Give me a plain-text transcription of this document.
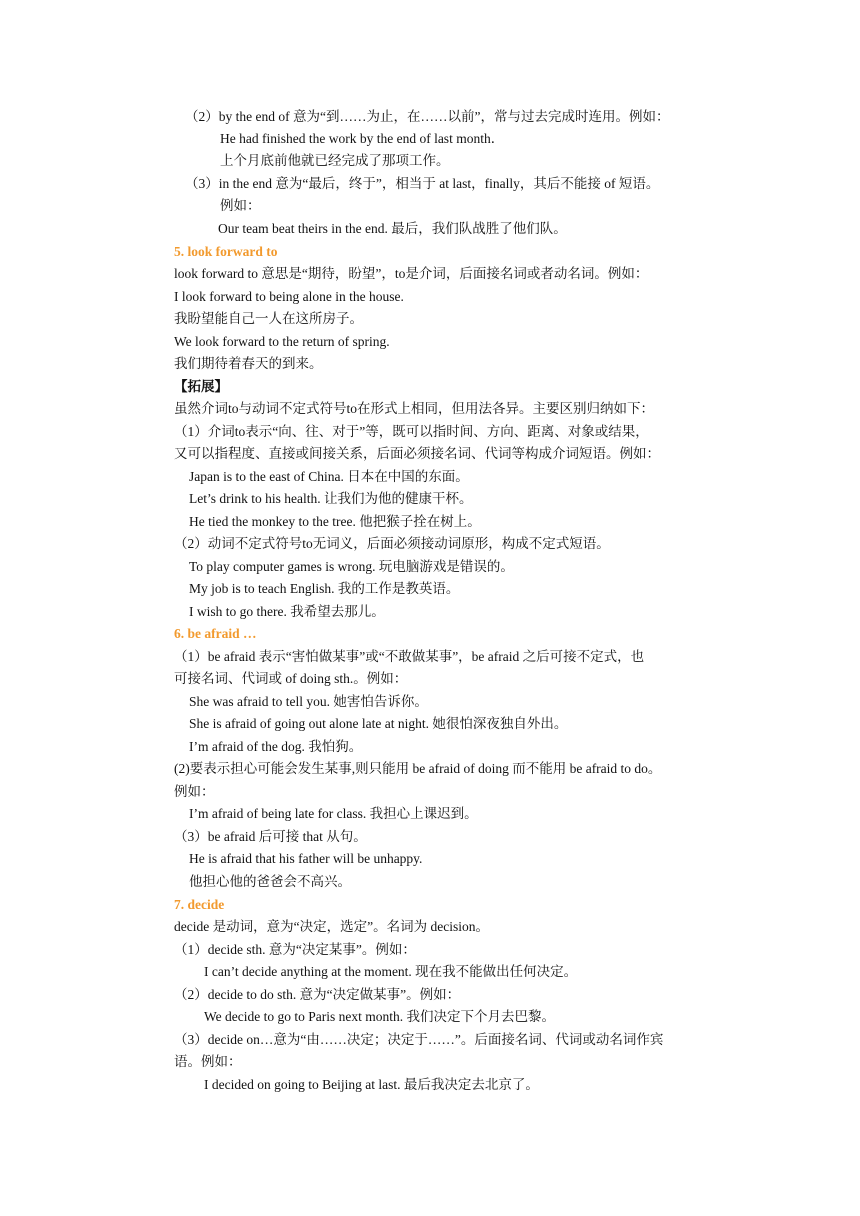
（2）by the end of 意为“到……为止，在……以前”，常与过去完成时连用。例如：
He had finished the work by the end of last month．
上个月底前他就已经完成了那项工作。
（3）in the end 意为“最后，终于”，相当于 at last，finally，其后不能接 of 短语。
例如：
Our team beat theirs in the end. 最后，我们队战胜了他们队。
5. look forward to
look forward to 意思是“期待，盼望”，to是介词，后面接名词或者动名词。例如：
I look forward to being alone in the house.
我盼望能自己一人在这所房子。
We look forward to the return of spring.
我们期待着春天的到来。
【拓展】
虽然介词to与动词不定式符号to在形式上相同，但用法各异。主要区别归纳如下：
（1）介词to表示“向、往、对于”等，既可以指时间、方向、距离、对象或结果，
又可以指程度、直接或间接关系，后面必须接名词、代词等构成介词短语。例如：
Japan is to the east of China. 日本在中国的东面。
Let’s drink to his health. 让我们为他的健康干杯。
He tied the monkey to the tree. 他把猴子拴在树上。
（2）动词不定式符号to无词义，后面必须接动词原形，构成不定式短语。
To play computer games is wrong. 玩电脑游戏是错误的。
My job is to teach English. 我的工作是教英语。
I wish to go there. 我希望去那儿。
6. be afraid …
（1）be afraid 表示“害怕做某事”或“不敢做某事”，be afraid 之后可接不定式，也
可接名词、代词或 of doing sth.。例如：
She was afraid to tell you. 她害怕告诉你。
She is afraid of going out alone late at night. 她很怕深夜独自外出。
I’m afraid of the dog. 我怕狗。
(2)要表示担心可能会发生某事,则只能用 be afraid of doing 而不能用 be afraid to do。
例如：
I’m afraid of being late for class. 我担心上课迟到。
（3）be afraid 后可接 that 从句。
He is afraid that his father will be unhappy.
他担心他的爸爸会不高兴。
7. decide
decide 是动词，意为“决定，选定”。名词为 decision。
（1）decide sth. 意为“决定某事”。例如：
I can’t decide anything at the moment. 现在我不能做出任何决定。
（2）decide to do sth. 意为“决定做某事”。例如：
We decide to go to Paris next month. 我们决定下个月去巴黎。
（3）decide on…意为“由……决定；决定于……”。后面接名词、代词或动名词作宾
语。例如：
I decided on going to Beijing at last. 最后我决定去北京了。
